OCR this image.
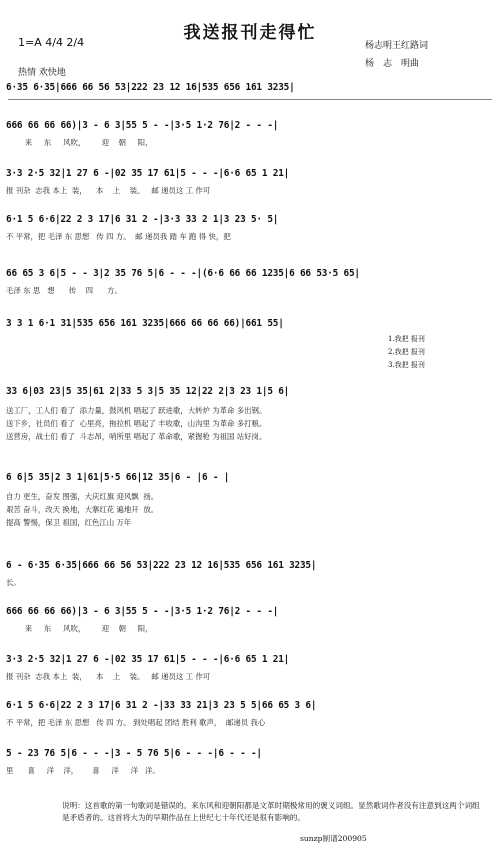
我送报刊走得忙
1=A 4/4 2/4	杨志明王红路词
杨　志　明曲
热情 欢快地
6·35 6·35|666 66 56 53|222 23 12 16|535 656 161 3235|
666 66 66 66)|3 - 6 3|55 5 - -|3·5 1·2 76|2 - - -|
来     东     风吹，       迎    朝     阳，
3·3 2·5 32|1 27 6 -|02 35 17 61|5 - - -|6·6 65 1 21|
报 刊杂  志我 本上  装，    本    上    装。   邮 递员这 工 作可
6·1 5 6·6|22 2 3 17|6 31 2 -|3·3 33 2 1|3 23 5· 5|
不 平常，把 毛泽 东 思想   传 四 方。  邮 递员我 踏 车 跑 得 快，把
66 65 3 6|5 - - 3|2 35 76 5|6 - - -|(6·6 66 66 1235|6 66 53·5 65|
毛泽 东 思   想      传    四      方。
3 3 1 6·1 31|535 656 161 3235|666 66 66 66)|661 55|
1.我把 报刊
2.我把 报刊
3.我把 报刊
33 6|03 23|5 35|61 2|33 5 3|5 35 12|22 2|3 23 1|5 6|
送工厂，工人们 看了  添力量，鼓风机 唱起了 跃进歌，大转炉 为革命 多出钢。
送下乡，社员们 看了  心里亮，拖拉机 唱起了 丰收歌，山沟里 为革命 多打粮。
送营房，战士们 看了  斗志昂，哨所里 唱起了 革命歌，紧握枪 为祖国 站好岗。
6 6|5 35|2 3 1|61|5·5 66|12 35|6 - |6 - |
自力 更生，奋发 图强，大庆红旗 迎风飘  扬。
艰苦 奋斗，改天 换地，大寨红花 遍地开  放。
提高 警惕，保卫 祖国，红色江山 万年
6 - 6·35 6·35|666 66 56 53|222 23 12 16|535 656 161 3235|
长。
666 66 66 66)|3 - 6 3|55 5 - -|3·5 1·2 76|2 - - -|
来     东     风吹，       迎    朝     阳，
3·3 2·5 32|1 27 6 -|02 35 17 61|5 - - -|6·6 65 1 21|
报 刊杂  志我 本上  装，    本    上    装。   邮 递员这 工 作可
6·1 5 6·6|22 2 3 17|6 31 2 -|33 33 21|3 23 5 5|66 65 3 6|
不 平常，把 毛泽 东 思想   传 四 方。 到处唱起 团结 胜利 歌声，  邮递员 我心
5 - 23 76 5|6 - - -|3 - 5 76 5|6 - - -|6 - - -|
里      喜     洋    洋，      喜     洋     洋   洋。
说明：这首歌的第一句歌词是错误的。来东风和迎朝阳都是文革时期极常用的褒义词组。显然歌词作者没有注意到这两个词组是矛盾者的。这首将大为的早期作品在上世纪七十年代还是很有影响的。
sunzp制谱200905
